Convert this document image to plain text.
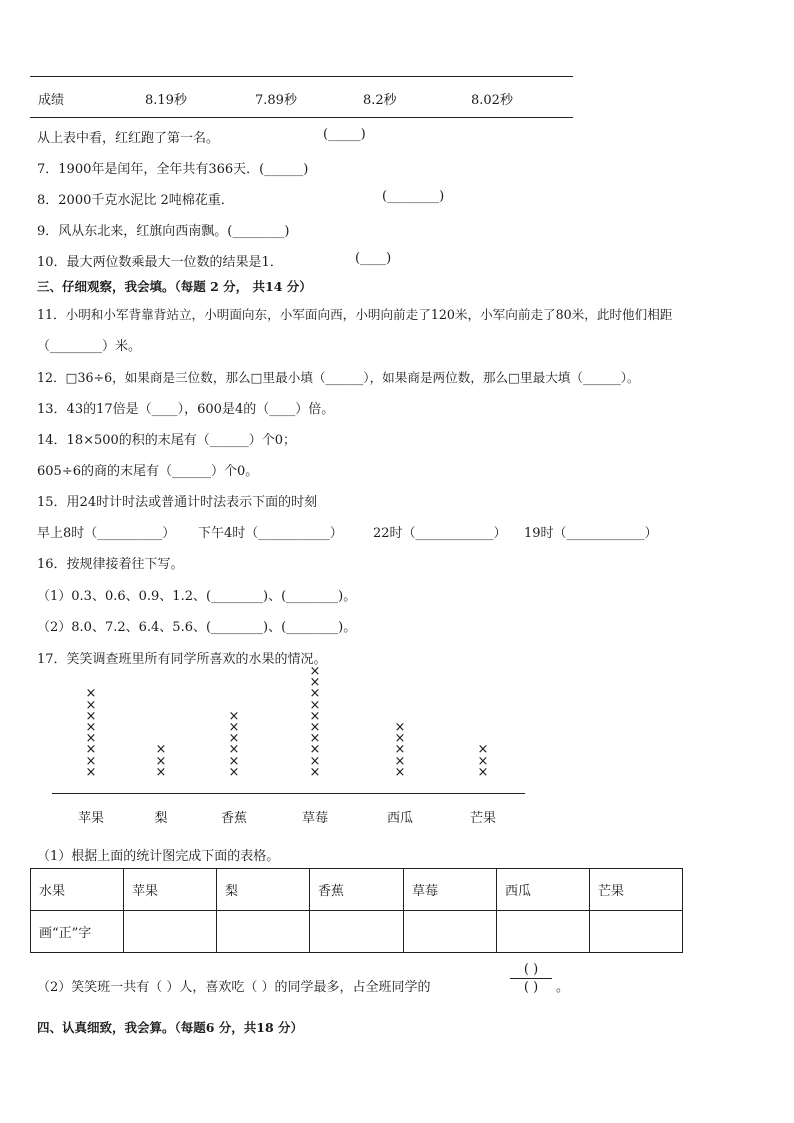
成绩	8.19秒	7.89秒	8.2秒	8.02秒
从上表中看，红红跑了第一名。	(_____)
7．1900年是闰年，全年共有366天．(______)
8．2000千克水泥比 2吨棉花重．	(________)
9．风从东北来，红旗向西南飘。(________)
10．最大两位数乘最大一位数的结果是1．	(____)
三、仔细观察，我会填。（每题 2 分， 共14 分）
11．小明和小军背靠背站立，小明面向东，小军面向西，小明向前走了120米，小军向前走了80米，此时他们相距
（________）米。
12．□36÷6，如果商是三位数，那么□里最小填（______），如果商是两位数，那么□里最大填（______）。
13．43的17倍是（____），600是4的（____）倍。
14．18×500的积的末尾有（______）个0；
605÷6的商的末尾有（______）个0。
15．用24时计时法或普通计时法表示下面的时刻
早上8时（__________） 下午4时（___________） 22时（____________） 19时（____________）
16．按规律接着往下写。
（1）0.3、0.6、0.9、1.2、(________)、(________)。
（2）8.0、7.2、6.4、5.6、(________)、(________)。
17．笑笑调查班里所有同学所喜欢的水果的情况。
×
×
×
×
×
×
×
×
苹果
×
×
×
梨
×
×
×
×
×
×
香蕉
×
×
×
×
×
×
×
×
×
×
草莓
×
×
×
×
×
西瓜
×
×
×
芒果
（1）根据上面的统计图完成下面的表格。
水果	苹果	梨	香蕉	草莓	西瓜	芒果
画“正”字						
（2）笑笑班一共有（ ）人，喜欢吃（ ）的同学最多，占全班同学的
( )
( )	。
四、认真细致，我会算。（每题6 分，共18 分）
